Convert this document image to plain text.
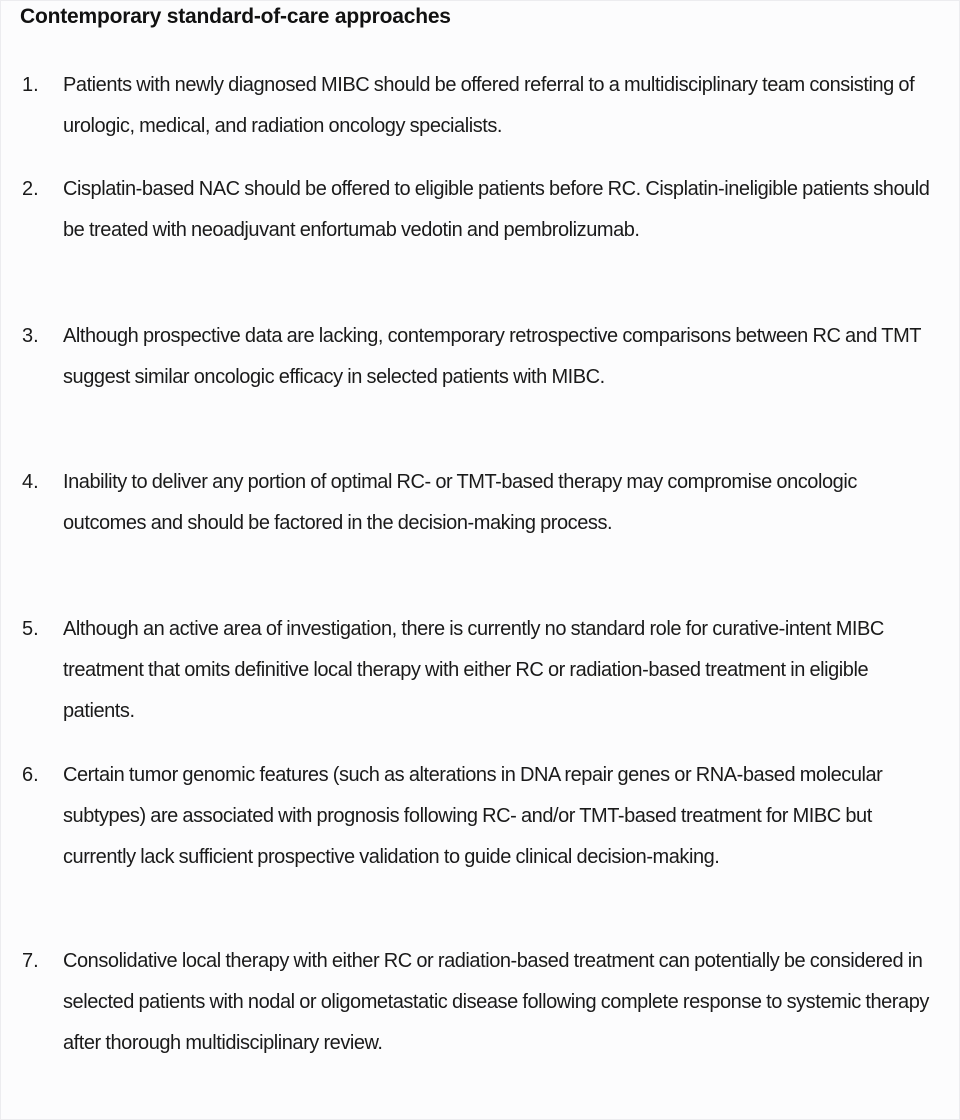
Contemporary standard-of-care approaches
1. Patients with newly diagnosed MIBC should be offered referral to a multidisciplinary team consisting of urologic, medical, and radiation oncology specialists.
2. Cisplatin-based NAC should be offered to eligible patients before RC. Cisplatin-ineligible patients should be treated with neoadjuvant enfortumab vedotin and pembrolizumab.
3. Although prospective data are lacking, contemporary retrospective comparisons between RC and TMT suggest similar oncologic efficacy in selected patients with MIBC.
4. Inability to deliver any portion of optimal RC- or TMT-based therapy may compromise oncologic outcomes and should be factored in the decision-making process.
5. Although an active area of investigation, there is currently no standard role for curative-intent MIBC treatment that omits definitive local therapy with either RC or radiation-based treatment in eligible patients.
6. Certain tumor genomic features (such as alterations in DNA repair genes or RNA-based molecular subtypes) are associated with prognosis following RC- and/or TMT-based treatment for MIBC but currently lack sufficient prospective validation to guide clinical decision-making.
7. Consolidative local therapy with either RC or radiation-based treatment can potentially be considered in selected patients with nodal or oligometastatic disease following complete response to systemic therapy after thorough multidisciplinary review.
